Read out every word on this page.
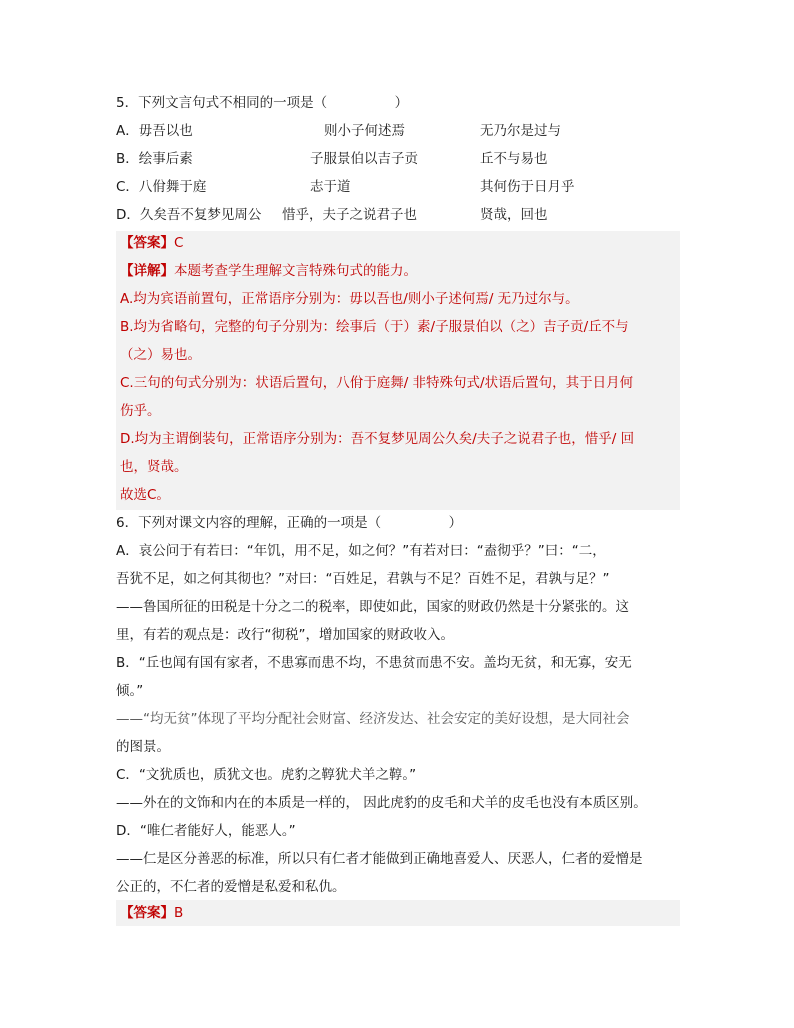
5．下列文言句式不相同的一项是（　　　　　）
A．毋吾以也	则小子何述焉	无乃尔是过与
B．绘事后素	子服景伯以吉子贡	丘不与易也
C．八佾舞于庭	志于道	其何伤于日月乎
D．久矣吾不复梦见周公 惜乎，夫子之说君子也	贤哉，回也
【答案】C
【详解】本题考查学生理解文言特殊句式的能力。
A.均为宾语前置句，正常语序分别为：毋以吾也/则小子述何焉/ 无乃过尔与。
B.均为省略句，完整的句子分别为：绘事后（于）素/子服景伯以（之）吉子贡/丘不与
（之）易也。
C.三句的句式分别为：状语后置句，八佾于庭舞/ 非特殊句式/状语后置句，其于日月何
伤乎。
D.均为主谓倒装句，正常语序分别为：吾不复梦见周公久矣/夫子之说君子也，惜乎/ 回
也，贤哉。
故选C。
6．下列对课文内容的理解，正确的一项是（　　　　　）
A．哀公问于有若曰：“年饥，用不足，如之何？”有若对曰：“盍彻乎？”曰：“二，
吾犹不足，如之何其彻也？”对曰：“百姓足，君孰与不足？百姓不足，君孰与足？”
——鲁国所征的田税是十分之二的税率，即使如此，国家的财政仍然是十分紧张的。这
里，有若的观点是：改行“彻税”，增加国家的财政收入。
B．“丘也闻有国有家者，不患寡而患不均，不患贫而患不安。盖均无贫，和无寡，安无
倾。”
——“均无贫”体现了平均分配社会财富、经济发达、社会安定的美好设想，是大同社会
的图景。
C．“文犹质也，质犹文也。虎豹之鞟犹犬羊之鞟。”
——外在的文饰和内在的本质是一样的， 因此虎豹的皮毛和犬羊的皮毛也没有本质区别。
D．“唯仁者能好人，能恶人。”
——仁是区分善恶的标准，所以只有仁者才能做到正确地喜爱人、厌恶人，仁者的爱憎是
公正的，不仁者的爱憎是私爱和私仇。
【答案】B
